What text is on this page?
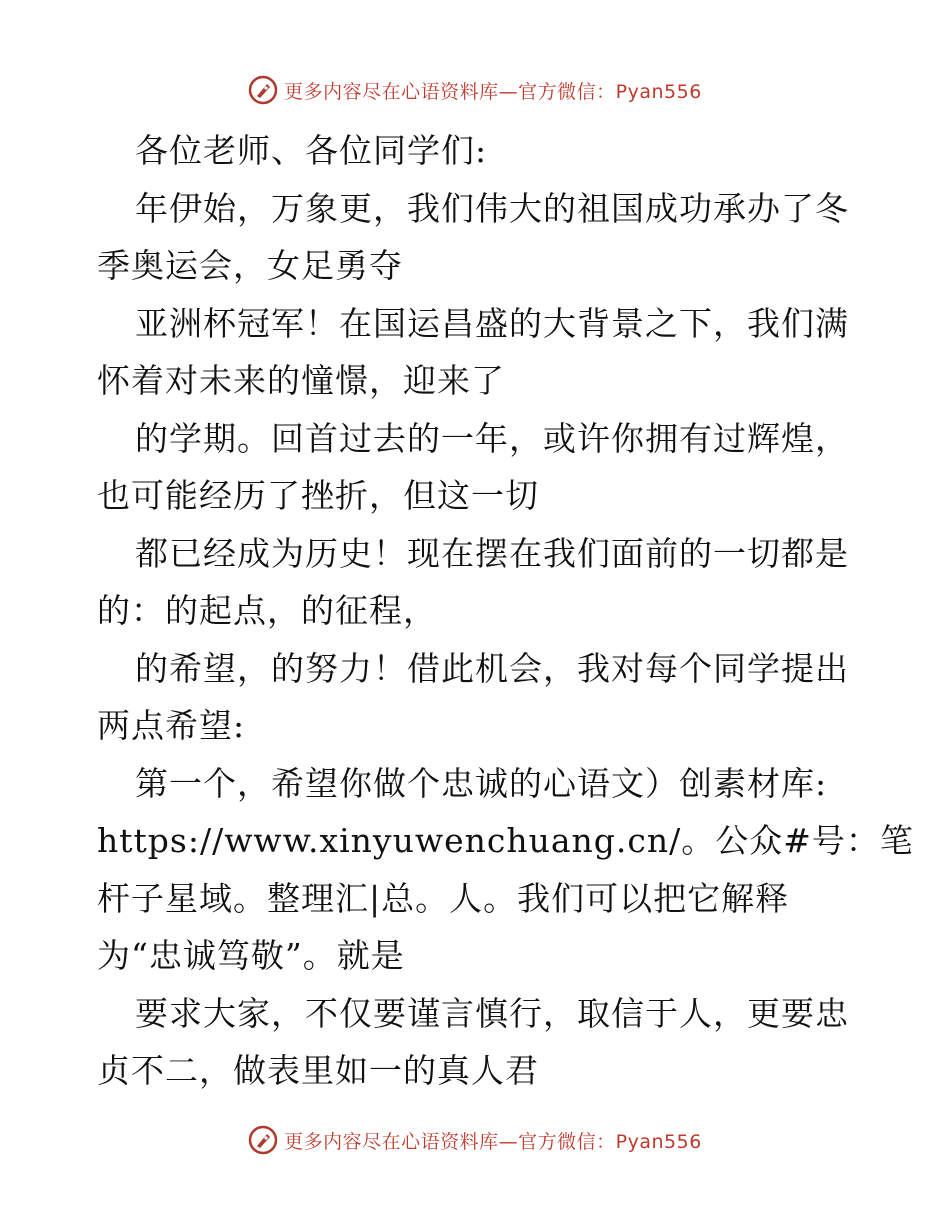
更多内容尽在心语资料库—官方微信：Pyan556
各位老师、各位同学们:
年伊始，万象更，我们伟大的祖国成功承办了冬
季奥运会，女足勇夺
亚洲杯冠军！在国运昌盛的大背景之下，我们满
怀着对未来的憧憬，迎来了
的学期。回首过去的一年，或许你拥有过辉煌，
也可能经历了挫折，但这一切
都已经成为历史！现在摆在我们面前的一切都是
的：的起点，的征程，
的希望，的努力！借此机会，我对每个同学提出
两点希望:
第一个，希望你做个忠诚的心语文）创素材库:
https://www.xinyuwenchuang.cn/。公众#号：笔
杆子星域。整理汇|总。人。我们可以把它解释
为“忠诚笃敬”。就是
要求大家，不仅要谨言慎行，取信于人，更要忠
贞不二，做表里如一的真人君
更多内容尽在心语资料库—官方微信：Pyan556
